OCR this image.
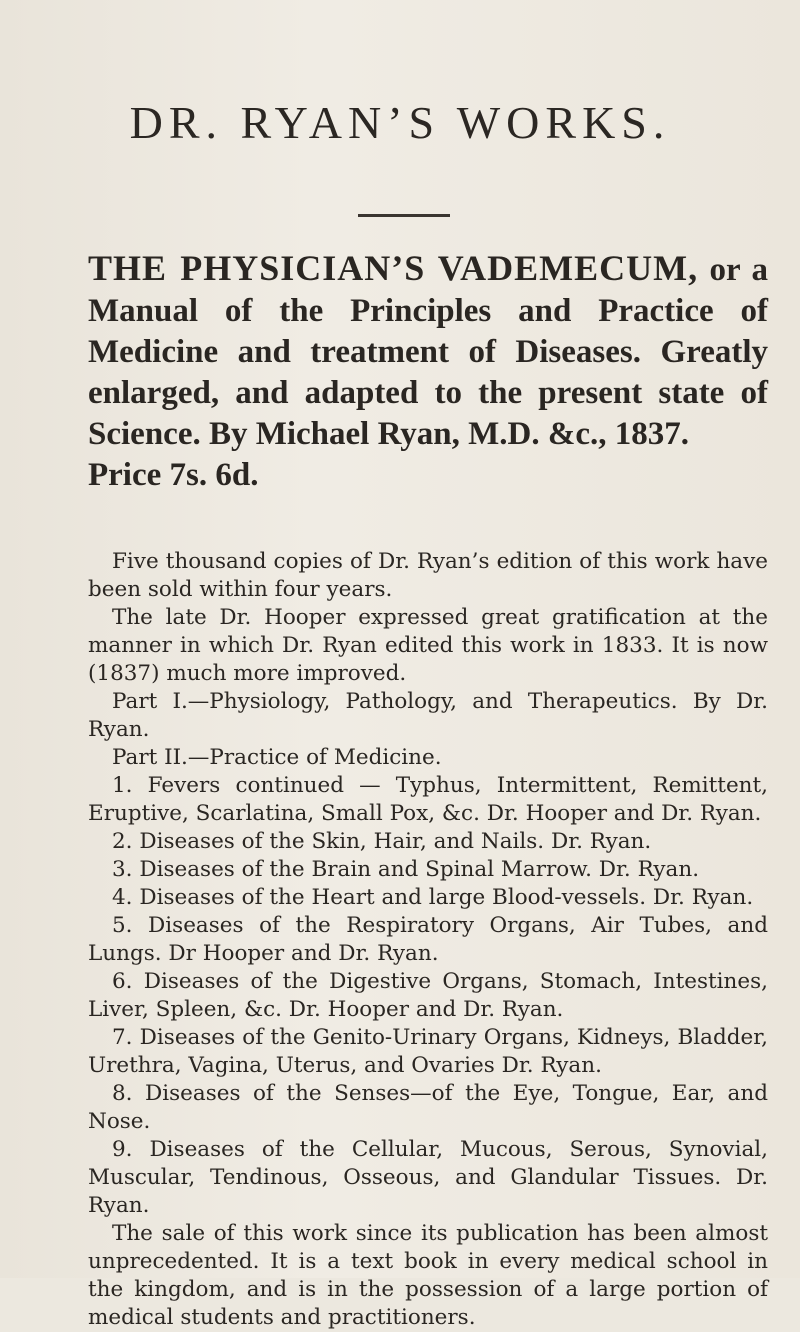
DR. RYAN’S WORKS.
THE PHYSICIAN’S VADEMECUM, or a Manual of the Principles and Practice of Medicine and treatment of Diseases. Greatly enlarged, and adapted to the present state of Science. By Michael Ryan, M.D. &c., 1837.
Price 7s. 6d.

Five thousand copies of Dr. Ryan’s edition of this work have been sold within four years.

The late Dr. Hooper expressed great gratification at the manner in which Dr. Ryan edited this work in 1833. It is now (1837) much more improved.

Part I.—Physiology, Pathology, and Therapeutics. By Dr. Ryan.

Part II.—Practice of Medicine.

1. Fevers continued — Typhus, Intermittent, Remittent, Eruptive, Scarlatina, Small Pox, &c. Dr. Hooper and Dr. Ryan.

2. Diseases of the Skin, Hair, and Nails. Dr. Ryan.

3. Diseases of the Brain and Spinal Marrow. Dr. Ryan.

4. Diseases of the Heart and large Blood-vessels. Dr. Ryan.

5. Diseases of the Respiratory Organs, Air Tubes, and Lungs. Dr Hooper and Dr. Ryan.

6. Diseases of the Digestive Organs, Stomach, Intestines, Liver, Spleen, &c. Dr. Hooper and Dr. Ryan.

7. Diseases of the Genito-Urinary Organs, Kidneys, Bladder, Urethra, Vagina, Uterus, and Ovaries Dr. Ryan.

8. Diseases of the Senses—of the Eye, Tongue, Ear, and Nose.

9. Diseases of the Cellular, Mucous, Serous, Synovial, Muscular, Tendinous, Osseous, and Glandular Tissues. Dr. Ryan.

The sale of this work since its publication has been almost unprecedented. It is a text book in every medical school in the kingdom, and is in the possession of a large portion of medical students and practitioners.
